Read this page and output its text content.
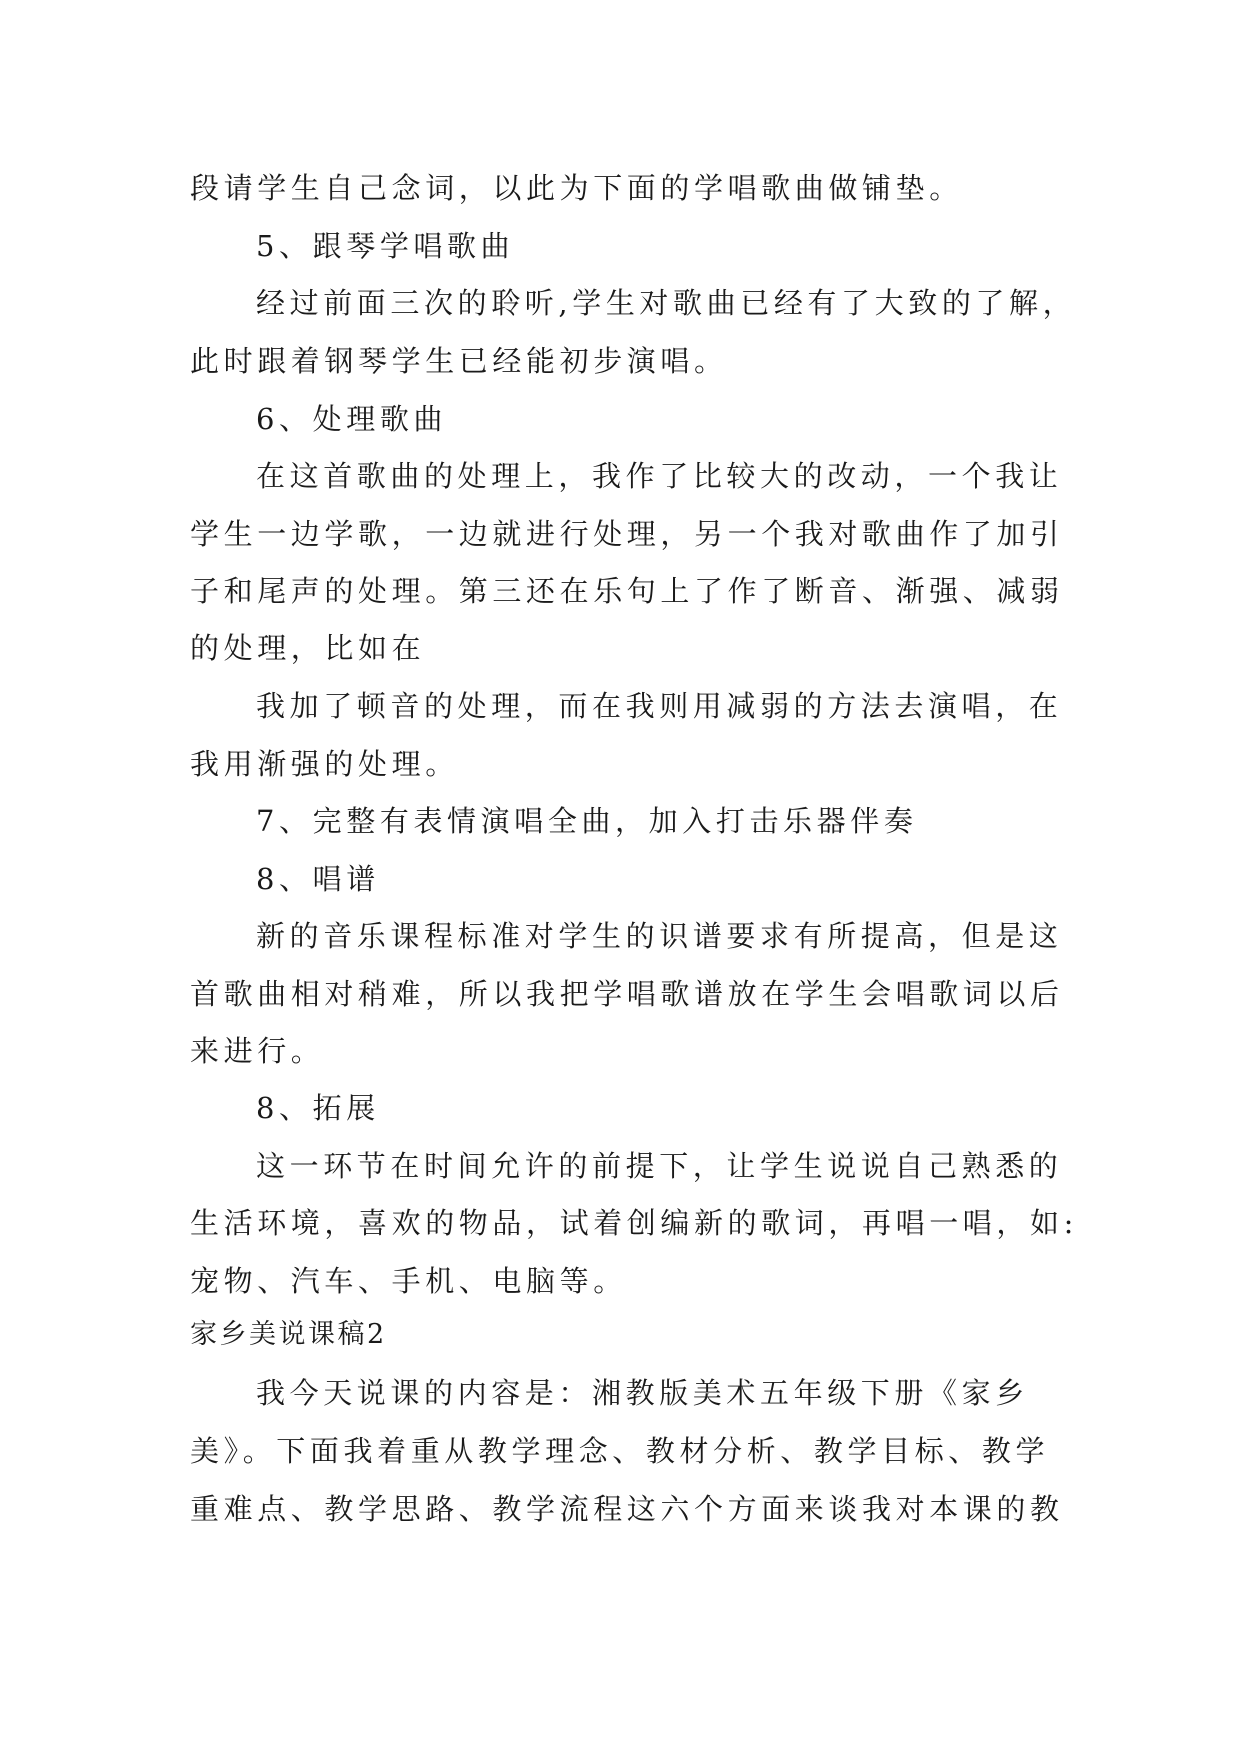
段请学生自己念词，以此为下面的学唱歌曲做铺垫。
5、跟琴学唱歌曲
经过前面三次的聆听,学生对歌曲已经有了大致的了解，
此时跟着钢琴学生已经能初步演唱。
6、处理歌曲
在这首歌曲的处理上，我作了比较大的改动，一个我让
学生一边学歌，一边就进行处理，另一个我对歌曲作了加引
子和尾声的处理。第三还在乐句上了作了断音、渐强、减弱
的处理，比如在
我加了顿音的处理，而在我则用减弱的方法去演唱，在
我用渐强的处理。
7、完整有表情演唱全曲，加入打击乐器伴奏
8、唱谱
新的音乐课程标准对学生的识谱要求有所提高，但是这
首歌曲相对稍难，所以我把学唱歌谱放在学生会唱歌词以后
来进行。
8、拓展
这一环节在时间允许的前提下，让学生说说自己熟悉的
生活环境，喜欢的物品，试着创编新的歌词，再唱一唱，如:
宠物、汽车、手机、电脑等。
家乡美说课稿2
我今天说课的内容是：湘教版美术五年级下册《家乡
美》。下面我着重从教学理念、教材分析、教学目标、教学
重难点、教学思路、教学流程这六个方面来谈我对本课的教
